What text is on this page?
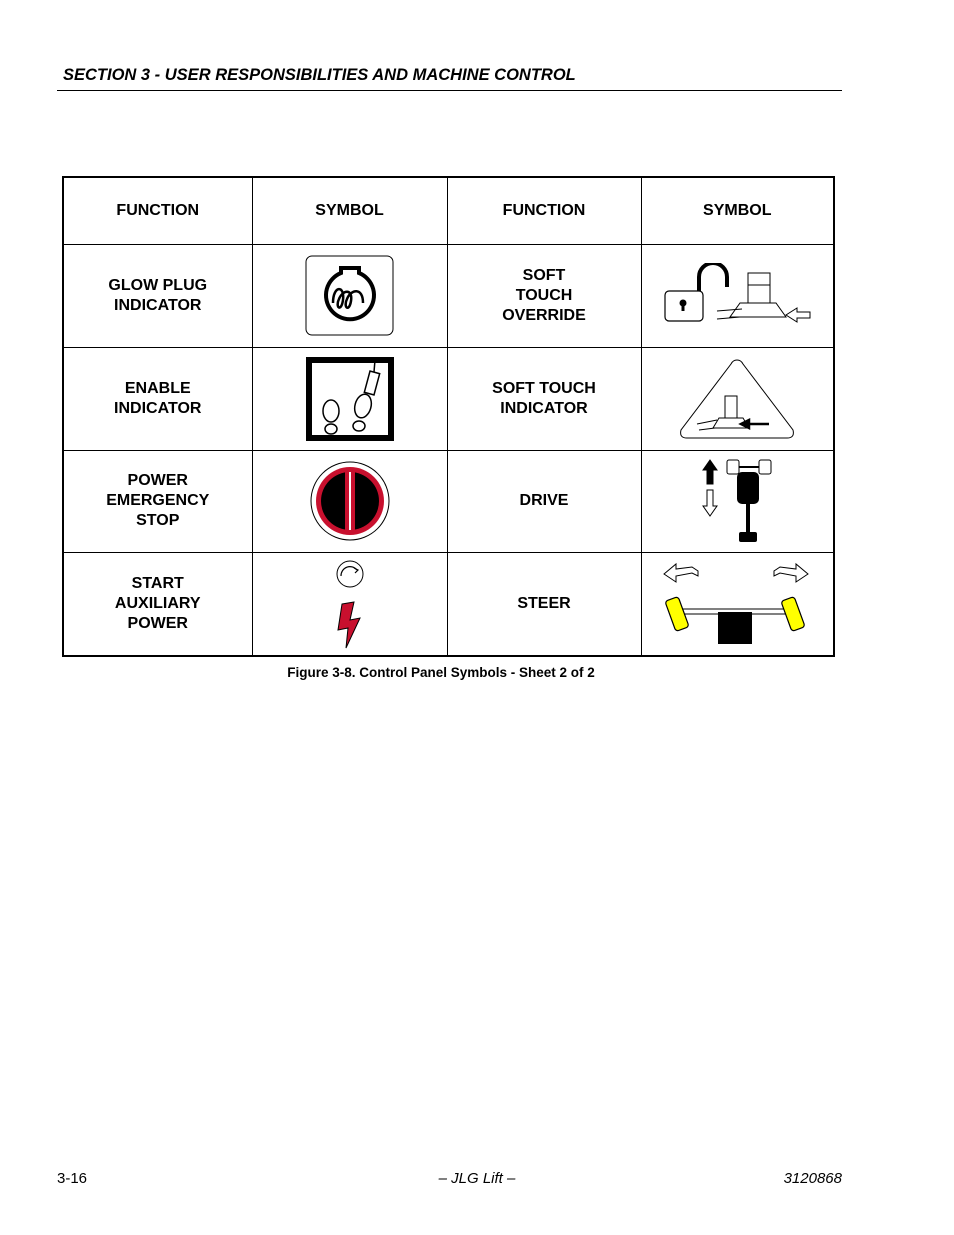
SECTION 3 - USER RESPONSIBILITIES AND MACHINE CONTROL
FUNCTION	SYMBOL	FUNCTION	SYMBOL
GLOW PLUG
INDICATOR		SOFT
TOUCH
OVERRIDE	

ENABLE
INDICATOR		SOFT TOUCH
INDICATOR	

POWER
EMERGENCY
STOP		DRIVE	

START
AUXILIARY
POWER		STEER	
Figure 3-8. Control Panel Symbols - Sheet 2 of 2
3-16	– JLG Lift –	3120868
